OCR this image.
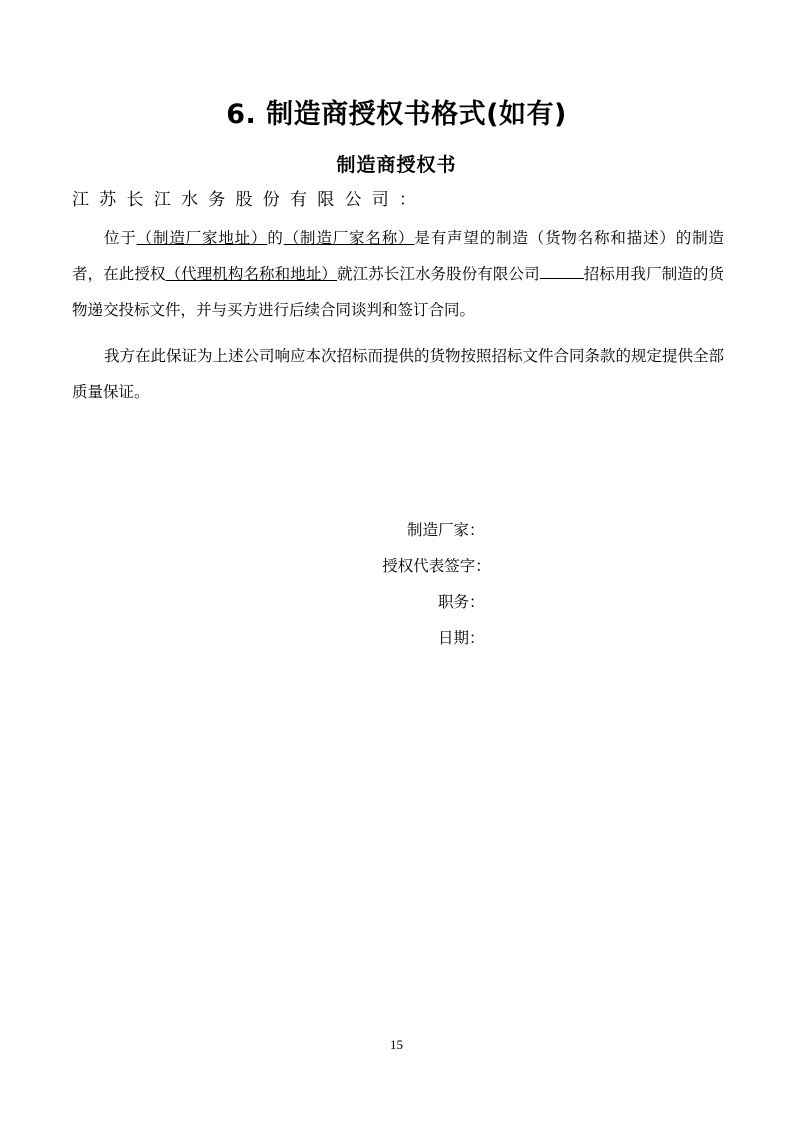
6. 制造商授权书格式(如有)
制造商授权书

江 苏 长 江 水 务 股 份 有 限 公 司 ：

位于（制造厂家地址）的（制造厂家名称）是有声望的制造（货物名称和描述）的制造者，在此授权（代理机构名称和地址）就江苏长江水务股份有限公司	招标用我厂制造的货物递交投标文件，并与买方进行后续合同谈判和签订合同。

我方在此保证为上述公司响应本次招标而提供的货物按照招标文件合同条款的规定提供全部质量保证。

制造厂家：
授权代表签字：
职务：
日期：
15
